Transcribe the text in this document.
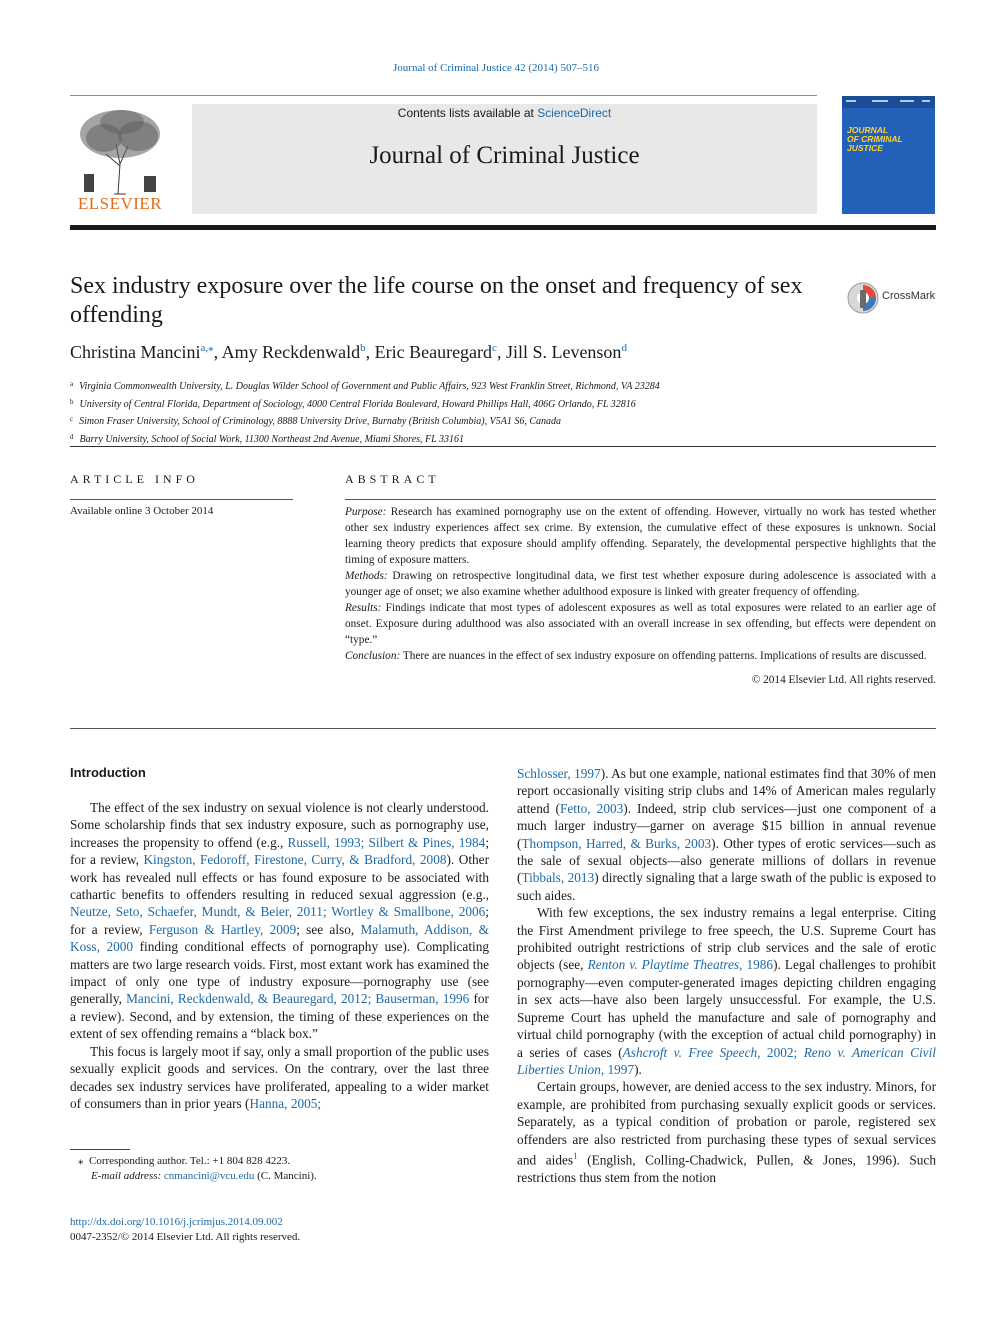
Journal of Criminal Justice 42 (2014) 507–516
ELSEVIER
Contents lists available at ScienceDirect
Journal of Criminal Justice
JOURNAL
OF CRIMINAL
JUSTICE
Sex industry exposure over the life course on the onset and frequency of sex offending
CrossMark
Christina Mancini$^{a,⁎}$, Amy Reckdenwald$^b$, Eric Beauregard$^c$, Jill S. Levenson$^d$
$^a$ Virginia Commonwealth University, L. Douglas Wilder School of Government and Public Affairs, 923 West Franklin Street, Richmond, VA 23284
$^b$ University of Central Florida, Department of Sociology, 4000 Central Florida Boulevard, Howard Phillips Hall, 406G Orlando, FL 32816
$^c$ Simon Fraser University, School of Criminology, 8888 University Drive, Burnaby (British Columbia), V5A1 S6, Canada
$^d$ Barry University, School of Social Work, 11300 Northeast 2nd Avenue, Miami Shores, FL 33161
ARTICLE INFO
Available online 3 October 2014
ABSTRACT

Purpose: Research has examined pornography use on the extent of offending. However, virtually no work has tested whether other sex industry experiences affect sex crime. By extension, the cumulative effect of these exposures is unknown. Social learning theory predicts that exposure should amplify offending. Separately, the developmental perspective highlights that the timing of exposure matters.

Methods: Drawing on retrospective longitudinal data, we first test whether exposure during adolescence is associated with a younger age of onset; we also examine whether adulthood exposure is linked with greater frequency of offending.

Results: Findings indicate that most types of adolescent exposures as well as total exposures were related to an earlier age of onset. Exposure during adulthood was also associated with an overall increase in sex offending, but effects were dependent on “type.”

Conclusion: There are nuances in the effect of sex industry exposure on offending patterns. Implications of results are discussed.

© 2014 Elsevier Ltd. All rights reserved.

Introduction

The effect of the sex industry on sexual violence is not clearly understood. Some scholarship finds that sex industry exposure, such as pornography use, increases the propensity to offend (e.g., Russell, 1993; Silbert & Pines, 1984; for a review, Kingston, Fedoroff, Firestone, Curry, & Bradford, 2008). Other work has revealed null effects or has found exposure to be associated with cathartic benefits to offenders resulting in reduced sexual aggression (e.g., Neutze, Seto, Schaefer, Mundt, & Beier, 2011; Wortley & Smallbone, 2006; for a review, Ferguson & Hartley, 2009; see also, Malamuth, Addison, & Koss, 2000 finding conditional effects of pornography use). Complicating matters are two large research voids. First, most extant work has examined the impact of only one type of industry exposure—pornography use (see generally, Mancini, Reckdenwald, & Beauregard, 2012; Bauserman, 1996 for a review). Second, and by extension, the timing of these experiences on the extent of sex offending remains a “black box.”

This focus is largely moot if say, only a small proportion of the public uses sexually explicit goods and services. On the contrary, over the last three decades sex industry services have proliferated, appealing to a wider market of consumers than in prior years (Hanna, 2005;

Schlosser, 1997). As but one example, national estimates find that 30% of men report occasionally visiting strip clubs and 14% of American males regularly attend (Fetto, 2003). Indeed, strip club services—just one component of a much larger industry—garner on average $15 billion in annual revenue (Thompson, Harred, & Burks, 2003). Other types of erotic services—such as the sale of sexual objects—also generate millions of dollars in revenue (Tibbals, 2013) directly signaling that a large swath of the public is exposed to such aides.

With few exceptions, the sex industry remains a legal enterprise. Citing the First Amendment privilege to free speech, the U.S. Supreme Court has prohibited outright restrictions of strip club services and the sale of erotic objects (see, Renton v. Playtime Theatres, 1986). Legal challenges to prohibit pornography—even computer-generated images depicting children engaging in sex acts—have also been largely unsuccessful. For example, the U.S. Supreme Court has upheld the manufacture and sale of pornography and virtual child pornography (with the exception of actual child pornography) in a series of cases (Ashcroft v. Free Speech, 2002; Reno v. American Civil Liberties Union, 1997).

Certain groups, however, are denied access to the sex industry. Minors, for example, are prohibited from purchasing sexually explicit goods or services. Separately, as a typical condition of probation or parole, registered sex offenders are also restricted from purchasing these types of sexual services and aides$^1$ (English, Colling-Chadwick, Pullen, & Jones, 1996). Such restrictions thus stem from the notion

⁎ Corresponding author. Tel.: +1 804 828 4223.
E-mail address: cnmancini@vcu.edu (C. Mancini).
http://dx.doi.org/10.1016/j.jcrimjus.2014.09.002
0047-2352/© 2014 Elsevier Ltd. All rights reserved.
